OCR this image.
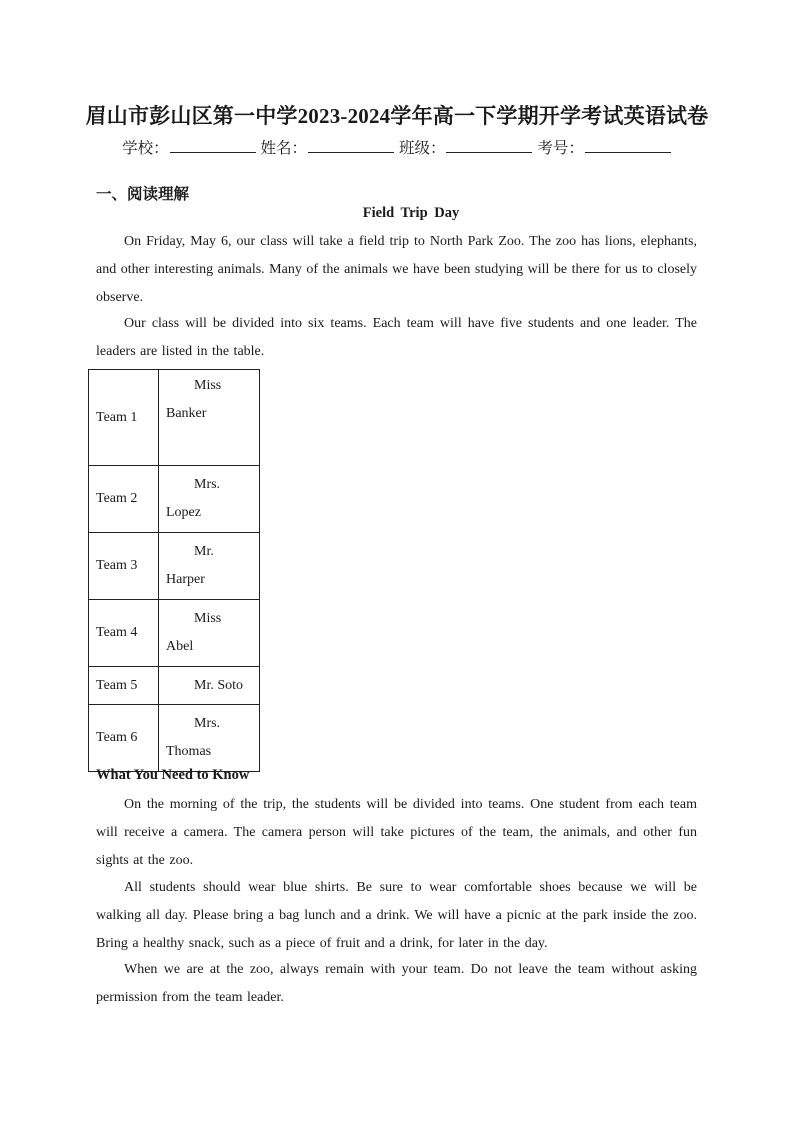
眉山市彭山区第一中学2023-2024学年高一下学期开学考试英语试卷
学校：	姓名：	班级：	考号：
一、阅读理解
Field Trip Day

On Friday, May 6, our class will take a field trip to North Park Zoo. The zoo has lions, elephants, and other interesting animals. Many of the animals we have been studying will be there for us to closely observe.

Our class will be divided into six teams. Each team will have five students and one leader. The leaders are listed in the table.

Team 1	Miss
Banker

Team 2	Mrs.
Lopez

Team 3	Mr.
Harper

Team 4	Miss
Abel

Team 5	Mr. Soto

Team 6	Mrs.
Thomas
What You Need to Know

On the morning of the trip, the students will be divided into teams. One student from each team will receive a camera. The camera person will take pictures of the team, the animals, and other fun sights at the zoo.

All students should wear blue shirts. Be sure to wear comfortable shoes because we will be walking all day. Please bring a bag lunch and a drink. We will have a picnic at the park inside the zoo. Bring a healthy snack, such as a piece of fruit and a drink, for later in the day.

When we are at the zoo, always remain with your team. Do not leave the team without asking permission from the team leader.
